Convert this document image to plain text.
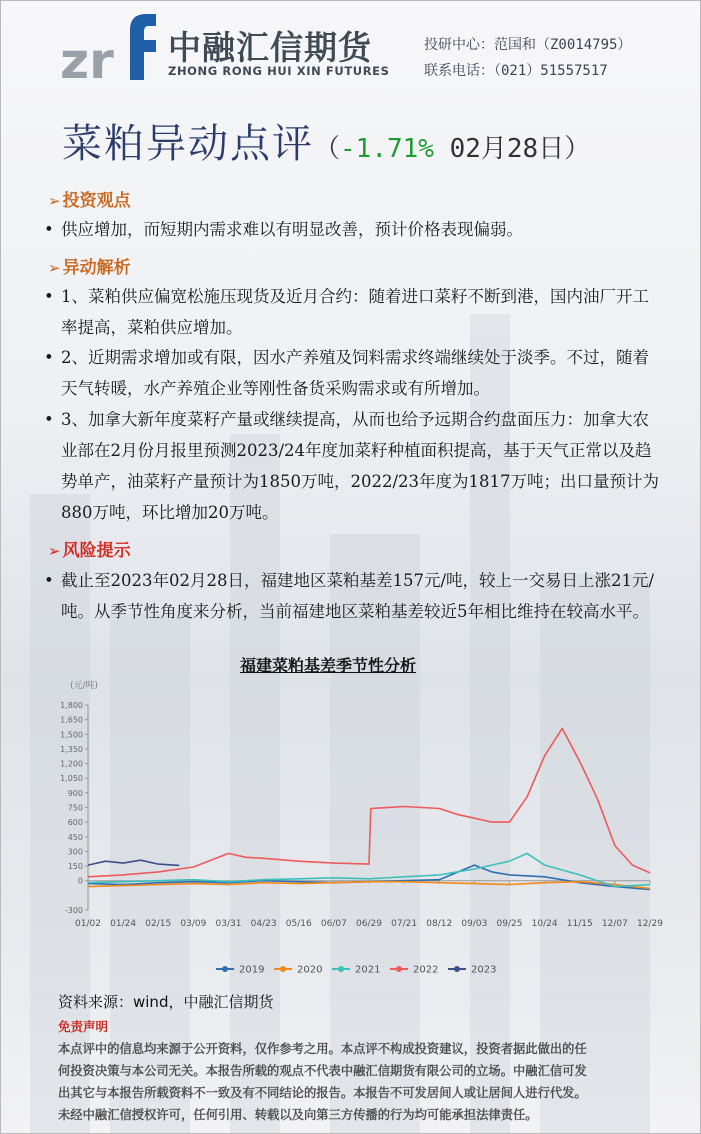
zr 中融汇信期货
ZHONG RONG HUI XIN FUTURES
投研中心：范国和（Z0014795）
联系电话：（021）51557517
菜粕异动点评（-1.71% 02月28日）
➢ 投资观点
• 供应增加，而短期内需求难以有明显改善，预计价格表现偏弱。
➢ 异动解析
• 1、菜粕供应偏宽松施压现货及近月合约：随着进口菜籽不断到港，国内油厂开工率提高，菜粕供应增加。
• 2、近期需求增加或有限，因水产养殖及饲料需求终端继续处于淡季。不过，随着天气转暖，水产养殖企业等刚性备货采购需求或有所增加。
• 3、加拿大新年度菜籽产量或继续提高，从而也给予远期合约盘面压力：加拿大农业部在2月份月报里预测2023/24年度加菜籽种植面积提高，基于天气正常以及趋势单产，油菜籽产量预计为1850万吨，2022/23年度为1817万吨；出口量预计为880万吨，环比增加20万吨。
➢ 风险提示
• 截止至2023年02月28日，福建地区菜粕基差157元/吨，较上一交易日上涨21元/吨。从季节性角度来分析，当前福建地区菜粕基差较近5年相比维持在较高水平。
福建菜粕基差季节性分析
(元/吨)
-300
0
150
300
450
600
750
900
1,050
1,200
1,350
1,500
1,650
1,800
01/02 01/24 02/15 03/09 03/31 04/23 05/16 06/07 06/29 07/21 08/12 09/03 09/25 10/24 11/15 12/07 12/29
2019	2020	2021	2022	2023
资料来源：wind，中融汇信期货
免责声明
本点评中的信息均来源于公开资料，仅作参考之用。本点评不构成投资建议，投资者据此做出的任
何投资决策与本公司无关。本报告所载的观点不代表中融汇信期货有限公司的立场。中融汇信可发
出其它与本报告所载资料不一致及有不同结论的报告。本报告不可发居间人或让居间人进行代发。
未经中融汇信授权许可，任何引用、转载以及向第三方传播的行为均可能承担法律责任。
